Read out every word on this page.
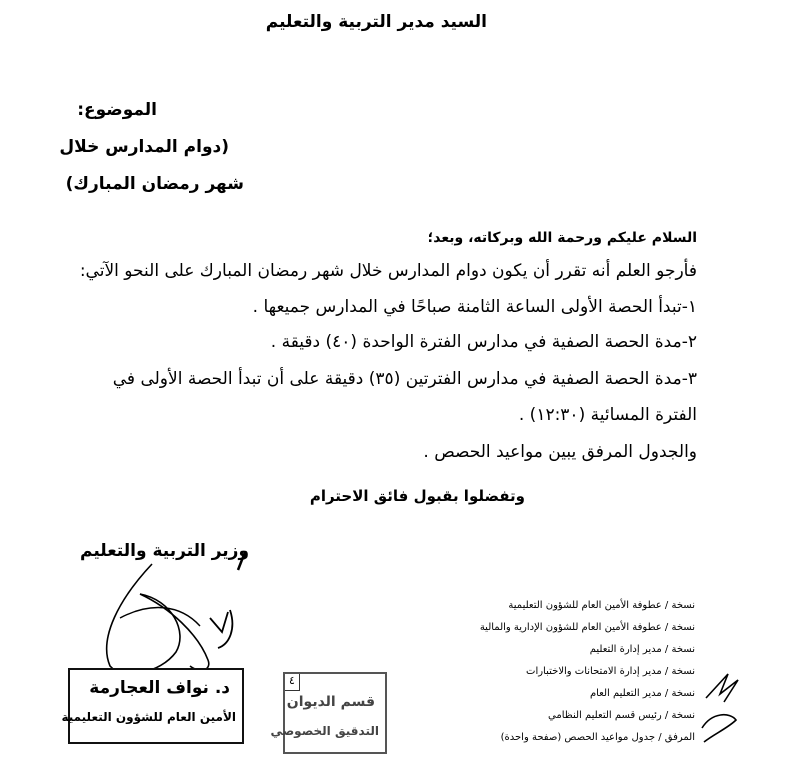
السيد مدير التربية والتعليم
الموضوع:
(دوام المدارس خلال
شهر رمضان المبارك)
السلام عليكم ورحمة الله وبركاته، وبعد؛
فأرجو العلم أنه تقرر أن يكون دوام المدارس خلال شهر رمضان المبارك على النحو الآتي:
١-تبدأ الحصة الأولى الساعة الثامنة صباحًا في المدارس جميعها .
٢-مدة الحصة الصفية في مدارس الفترة الواحدة (٤٠) دقيقة .
٣-مدة الحصة الصفية في مدارس الفترتين (٣٥) دقيقة على أن تبدأ الحصة الأولى في
الفترة المسائية (١٢:٣٠) .
والجدول المرفق يبين مواعيد الحصص .
وتفضلوا بقبول فائق الاحترام
وزير التربية والتعليم
د. نواف العجارمة
الأمين العام للشؤون التعليمية
٤
قسم الديوان
التدقيق الخصوصي
نسخة / عطوفة الأمين العام للشؤون التعليمية
نسخة / عطوفة الأمين العام للشؤون الإدارية والمالية
نسخة / مدير إدارة التعليم
نسخة / مدير إدارة الامتحانات والاختبارات
نسخة / مدير التعليم العام
نسخة / رئيس قسم التعليم النظامي
المرفق / جدول مواعيد الحصص (صفحة واحدة)
